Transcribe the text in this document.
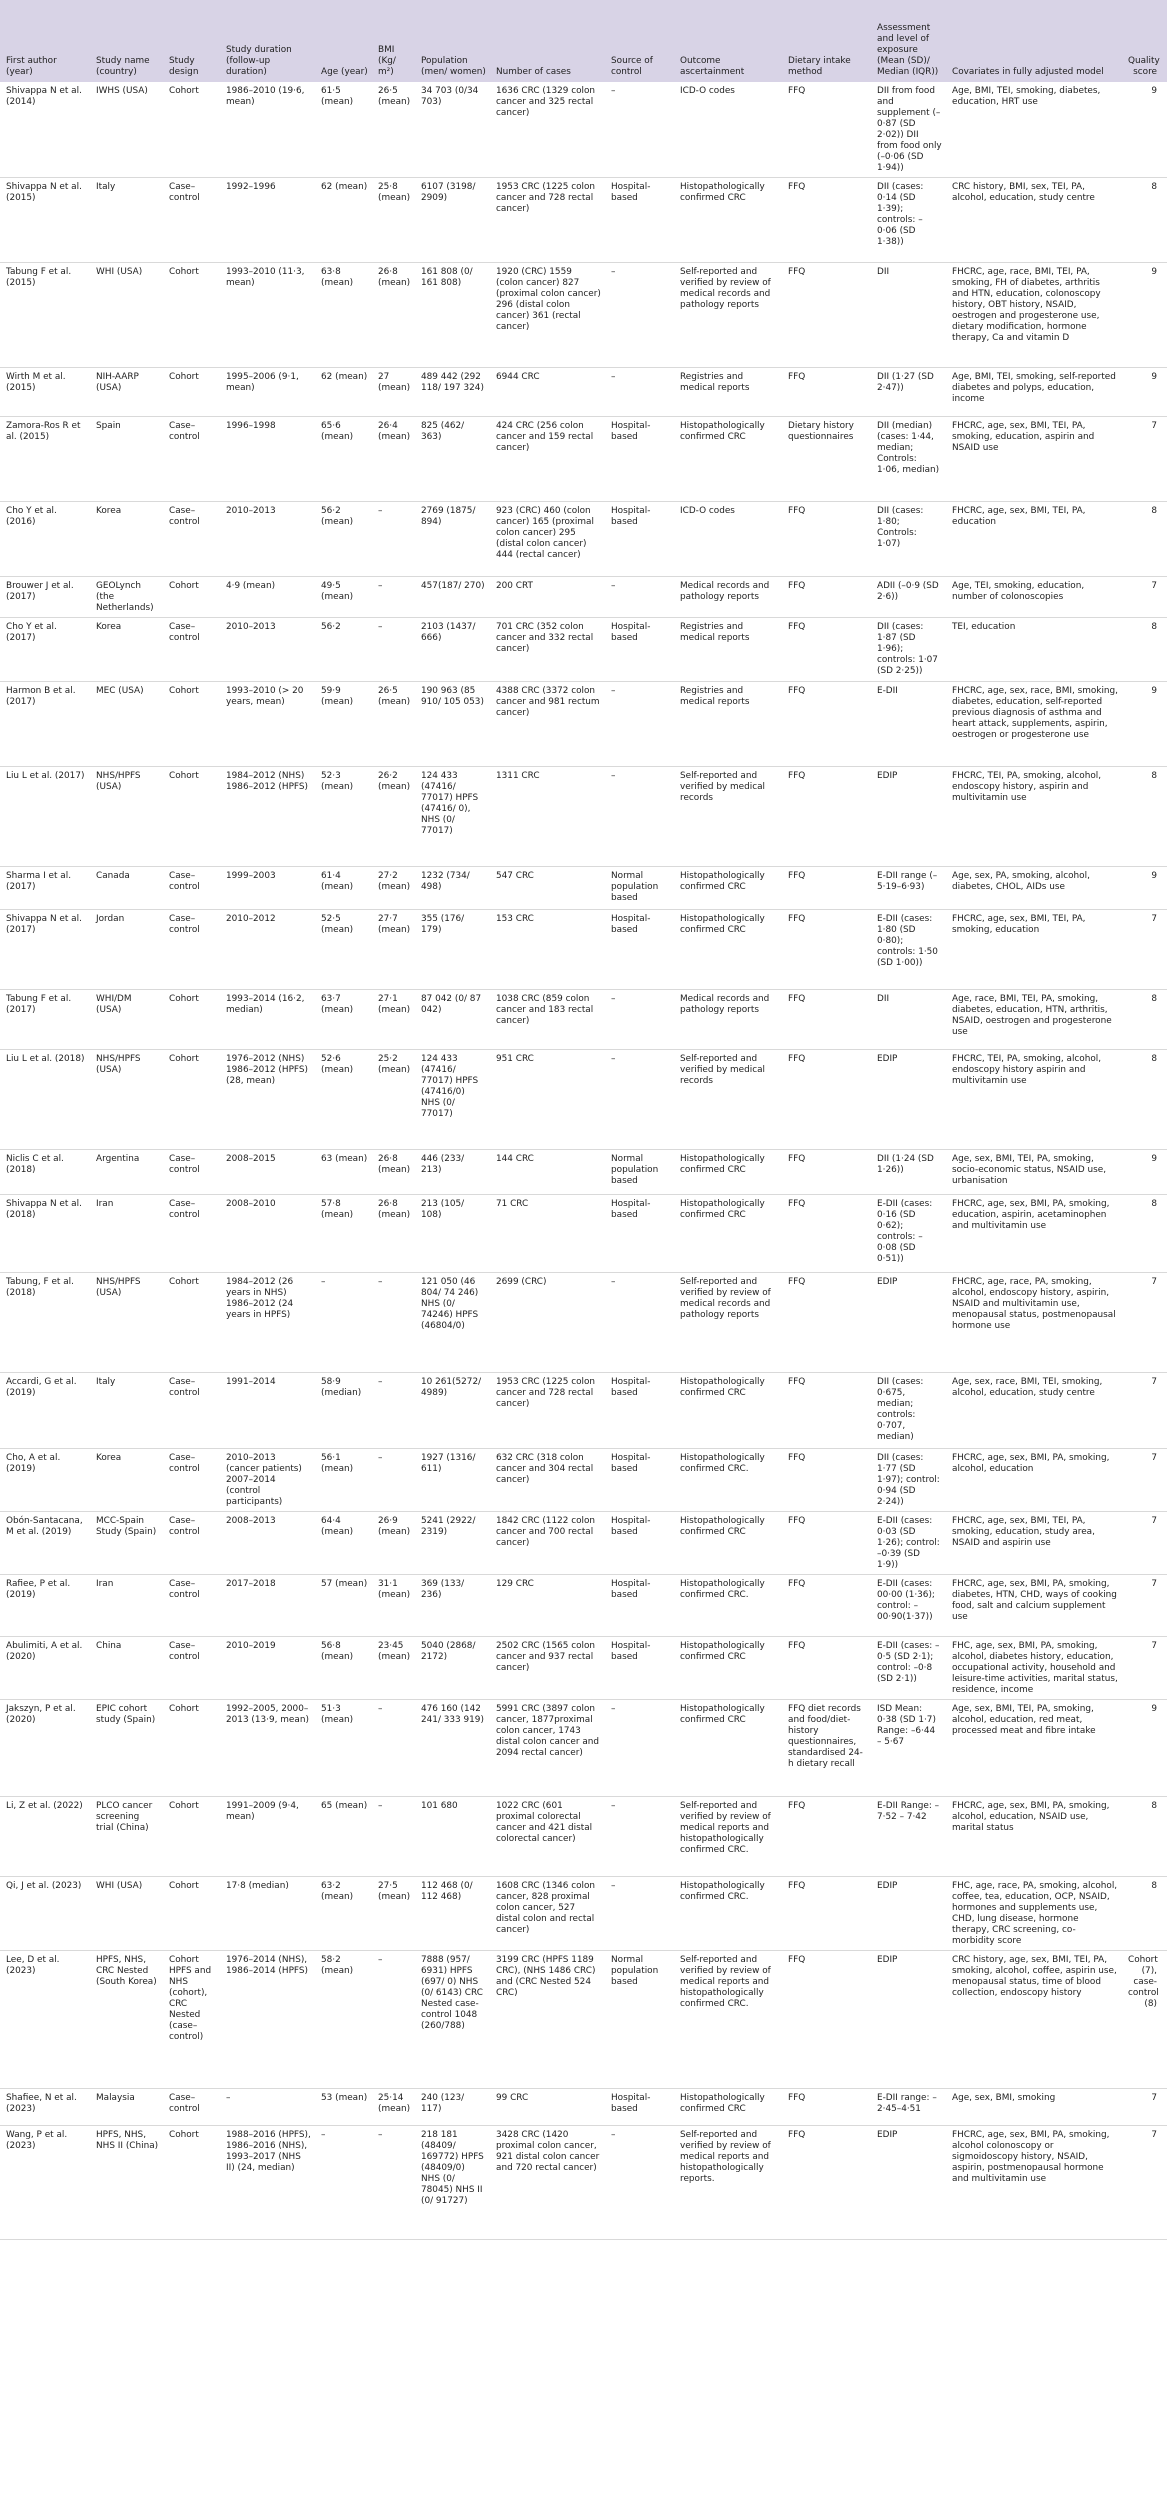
First author (year)	Study name (country)	Study design	Study duration (follow-up duration)	Age (year)	BMI (Kg/ m²)	Population (men/ women)	Number of cases	Source of control	Outcome ascertainment	Dietary intake method	Assessment and level of exposure (Mean (SD)/ Median (IQR))	Covariates in fully adjusted model	Quality score
Shivappa N et al. (2014)	IWHS (USA)	Cohort	1986–2010 (19·6, mean)	61·5 (mean)	26·5 (mean)	34 703 (0/34 703)	1636 CRC (1329 colon cancer and 325 rectal cancer)	–	ICD-O codes	FFQ	DII from food and supplement (–0·87 (SD 2·02)) DII from food only (–0·06 (SD 1·94))	Age, BMI, TEI, smoking, diabetes, education, HRT use	9
Shivappa N et al. (2015)	Italy	Case–control	1992–1996	62 (mean)	25·8 (mean)	6107 (3198/ 2909)	1953 CRC (1225 colon cancer and 728 rectal cancer)	Hospital-based	Histopathologically confirmed CRC	FFQ	DII (cases: 0·14 (SD 1·39); controls: –0·06 (SD 1·38))	CRC history, BMI, sex, TEI, PA, alcohol, education, study centre	8
Tabung F et al. (2015)	WHI (USA)	Cohort	1993–2010 (11·3, mean)	63·8 (mean)	26·8 (mean)	161 808 (0/ 161 808)	1920 (CRC) 1559 (colon cancer) 827 (proximal colon cancer) 296 (distal colon cancer) 361 (rectal cancer)	–	Self-reported and verified by review of medical records and pathology reports	FFQ	DII	FHCRC, age, race, BMI, TEI, PA, smoking, FH of diabetes, arthritis and HTN, education, colonoscopy history, OBT history, NSAID, oestrogen and progesterone use, dietary modification, hormone therapy, Ca and vitamin D	9
Wirth M et al. (2015)	NIH-AARP (USA)	Cohort	1995–2006 (9·1, mean)	62 (mean)	27 (mean)	489 442 (292 118/ 197 324)	6944 CRC	–	Registries and medical reports	FFQ	DII (1·27 (SD 2·47))	Age, BMI, TEI, smoking, self-reported diabetes and polyps, education, income	9
Zamora-Ros R et al. (2015)	Spain	Case–control	1996–1998	65·6 (mean)	26·4 (mean)	825 (462/ 363)	424 CRC (256 colon cancer and 159 rectal cancer)	Hospital-based	Histopathologically confirmed CRC	Dietary history questionnaires	DII (median) (cases: 1·44, median; Controls: 1·06, median)	FHCRC, age, sex, BMI, TEI, PA, smoking, education, aspirin and NSAID use	7
Cho Y et al. (2016)	Korea	Case–control	2010–2013	56·2 (mean)	–	2769 (1875/ 894)	923 (CRC) 460 (colon cancer) 165 (proximal colon cancer) 295 (distal colon cancer) 444 (rectal cancer)	Hospital-based	ICD-O codes	FFQ	DII (cases: 1·80; Controls: 1·07)	FHCRC, age, sex, BMI, TEI, PA, education	8
Brouwer J et al. (2017)	GEOLynch (the Netherlands)	Cohort	4·9 (mean)	49·5 (mean)	–	457(187/ 270)	200 CRT	–	Medical records and pathology reports	FFQ	ADII (–0·9 (SD 2·6))	Age, TEI, smoking, education, number of colonoscopies	7
Cho Y et al. (2017)	Korea	Case–control	2010–2013	56·2	–	2103 (1437/ 666)	701 CRC (352 colon cancer and 332 rectal cancer)	Hospital-based	Registries and medical reports	FFQ	DII (cases: 1·87 (SD 1·96); controls: 1·07 (SD 2·25))	TEI, education	8
Harmon B et al. (2017)	MEC (USA)	Cohort	1993–2010 (> 20 years, mean)	59·9 (mean)	26·5 (mean)	190 963 (85 910/ 105 053)	4388 CRC (3372 colon cancer and 981 rectum cancer)	–	Registries and medical reports	FFQ	E-DII	FHCRC, age, sex, race, BMI, smoking, diabetes, education, self-reported previous diagnosis of asthma and heart attack, supplements, aspirin, oestrogen or progesterone use	9
Liu L et al. (2017)	NHS/HPFS (USA)	Cohort	1984–2012 (NHS) 1986–2012 (HPFS)	52·3 (mean)	26·2 (mean)	124 433 (47416/ 77017) HPFS (47416/ 0), NHS (0/ 77017)	1311 CRC	–	Self-reported and verified by medical records	FFQ	EDIP	FHCRC, TEI, PA, smoking, alcohol, endoscopy history, aspirin and multivitamin use	8
Sharma I et al. (2017)	Canada	Case–control	1999–2003	61·4 (mean)	27·2 (mean)	1232 (734/ 498)	547 CRC	Normal population based	Histopathologically confirmed CRC	FFQ	E-DII range (–5·19–6·93)	Age, sex, PA, smoking, alcohol, diabetes, CHOL, AIDs use	9
Shivappa N et al. (2017)	Jordan	Case–control	2010–2012	52·5 (mean)	27·7 (mean)	355 (176/ 179)	153 CRC	Hospital-based	Histopathologically confirmed CRC	FFQ	E-DII (cases: 1·80 (SD 0·80); controls: 1·50 (SD 1·00))	FHCRC, age, sex, BMI, TEI, PA, smoking, education	7
Tabung F et al. (2017)	WHI/DM (USA)	Cohort	1993–2014 (16·2, median)	63·7 (mean)	27·1 (mean)	87 042 (0/ 87 042)	1038 CRC (859 colon cancer and 183 rectal cancer)	–	Medical records and pathology reports	FFQ	DII	Age, race, BMI, TEI, PA, smoking, diabetes, education, HTN, arthritis, NSAID, oestrogen and progesterone use	8
Liu L et al. (2018)	NHS/HPFS (USA)	Cohort	1976–2012 (NHS) 1986–2012 (HPFS) (28, mean)	52·6 (mean)	25·2 (mean)	124 433 (47416/ 77017) HPFS (47416/0) NHS (0/ 77017)	951 CRC	–	Self-reported and verified by medical records	FFQ	EDIP	FHCRC, TEI, PA, smoking, alcohol, endoscopy history aspirin and multivitamin use	8
Niclis C et al. (2018)	Argentina	Case–control	2008–2015	63 (mean)	26·8 (mean)	446 (233/ 213)	144 CRC	Normal population based	Histopathologically confirmed CRC	FFQ	DII (1·24 (SD 1·26))	Age, sex, BMI, TEI, PA, smoking, socio-economic status, NSAID use, urbanisation	9
Shivappa N et al. (2018)	Iran	Case–control	2008–2010	57·8 (mean)	26·8 (mean)	213 (105/ 108)	71 CRC	Hospital-based	Histopathologically confirmed CRC	FFQ	E-DII (cases: 0·16 (SD 0·62); controls: –0·08 (SD 0·51))	FHCRC, age, sex, BMI, PA, smoking, education, aspirin, acetaminophen and multivitamin use	8
Tabung, F et al. (2018)	NHS/HPFS (USA)	Cohort	1984–2012 (26 years in NHS) 1986–2012 (24 years in HPFS)	–	–	121 050 (46 804/ 74 246) NHS (0/ 74246) HPFS (46804/0)	2699 (CRC)	–	Self-reported and verified by review of medical records and pathology reports	FFQ	EDIP	FHCRC, age, race, PA, smoking, alcohol, endoscopy history, aspirin, NSAID and multivitamin use, menopausal status, postmenopausal hormone use	7
Accardi, G et al. (2019)	Italy	Case–control	1991–2014	58·9 (median)	–	10 261(5272/ 4989)	1953 CRC (1225 colon cancer and 728 rectal cancer)	Hospital-based	Histopathologically confirmed CRC	FFQ	DII (cases: 0·675, median; controls: 0·707, median)	Age, sex, race, BMI, TEI, smoking, alcohol, education, study centre	7
Cho, A et al. (2019)	Korea	Case–control	2010–2013 (cancer patients) 2007–2014 (control participants)	56·1 (mean)	–	1927 (1316/ 611)	632 CRC (318 colon cancer and 304 rectal cancer)	Hospital-based	Histopathologically confirmed CRC.	FFQ	DII (cases: 1·77 (SD 1·97); control: 0·94 (SD 2·24))	FHCRC, age, sex, BMI, PA, smoking, alcohol, education	7
Obón-Santacana, M et al. (2019)	MCC-Spain Study (Spain)	Case–control	2008–2013	64·4 (mean)	26·9 (mean)	5241 (2922/ 2319)	1842 CRC (1122 colon cancer and 700 rectal cancer)	Hospital-based	Histopathologically confirmed CRC	FFQ	E-DII (cases: 0·03 (SD 1·26); control: –0·39 (SD 1·9))	FHCRC, age, sex, BMI, TEI, PA, smoking, education, study area, NSAID and aspirin use	7
Rafiee, P et al. (2019)	Iran	Case–control	2017–2018	57 (mean)	31·1 (mean)	369 (133/ 236)	129 CRC	Hospital-based	Histopathologically confirmed CRC.	FFQ	E-DII (cases: 00·00 (1·36); control: –00·90(1·37))	FHCRC, age, sex, BMI, PA, smoking, diabetes, HTN, CHD, ways of cooking food, salt and calcium supplement use	7
Abulimiti, A et al. (2020)	China	Case–control	2010–2019	56·8 (mean)	23·45 (mean)	5040 (2868/ 2172)	2502 CRC (1565 colon cancer and 937 rectal cancer)	Hospital-based	Histopathologically confirmed CRC	FFQ	E-DII (cases: –0·5 (SD 2·1); control: –0·8 (SD 2·1))	FHC, age, sex, BMI, PA, smoking, alcohol, diabetes history, education, occupational activity, household and leisure-time activities, marital status, residence, income	7
Jakszyn, P et al. (2020)	EPIC cohort study (Spain)	Cohort	1992–2005, 2000–2013 (13·9, mean)	51·3 (mean)	–	476 160 (142 241/ 333 919)	5991 CRC (3897 colon cancer, 1877proximal colon cancer, 1743 distal colon cancer and 2094 rectal cancer)	–	Histopathologically confirmed CRC	FFQ diet records and food/diet-history questionnaires, standardised 24-h dietary recall	ISD Mean: 0·38 (SD 1·7) Range: –6·44 – 5·67	Age, sex, BMI, TEI, PA, smoking, alcohol, education, red meat, processed meat and fibre intake	9
Li, Z et al. (2022)	PLCO cancer screening trial (China)	Cohort	1991–2009 (9·4, mean)	65 (mean)	–	101 680	1022 CRC (601 proximal colorectal cancer and 421 distal colorectal cancer)	–	Self-reported and verified by review of medical reports and histopathologically confirmed CRC.	FFQ	E-DII Range: – 7·52 – 7·42	FHCRC, age, sex, BMI, PA, smoking, alcohol, education, NSAID use, marital status	8
Qi, J et al. (2023)	WHI (USA)	Cohort	17·8 (median)	63·2 (mean)	27·5 (mean)	112 468 (0/ 112 468)	1608 CRC (1346 colon cancer, 828 proximal colon cancer, 527 distal colon and rectal cancer)	–	Histopathologically confirmed CRC.	FFQ	EDIP	FHC, age, race, PA, smoking, alcohol, coffee, tea, education, OCP, NSAID, hormones and supplements use, CHD, lung disease, hormone therapy, CRC screening, co-morbidity score	8
Lee, D et al. (2023)	HPFS, NHS, CRC Nested (South Korea)	Cohort HPFS and NHS (cohort), CRC Nested (case–control)	1976–2014 (NHS), 1986–2014 (HPFS)	58·2 (mean)	–	7888 (957/ 6931) HPFS (697/ 0) NHS (0/ 6143) CRC Nested case-control 1048 (260/788)	3199 CRC (HPFS 1189 CRC), (NHS 1486 CRC) and (CRC Nested 524 CRC)	Normal population based	Self-reported and verified by review of medical reports and histopathologically confirmed CRC.	FFQ	EDIP	CRC history, age, sex, BMI, TEI, PA, smoking, alcohol, coffee, aspirin use, menopausal status, time of blood collection, endoscopy history	Cohort (7), case-control (8)
Shafiee, N et al. (2023)	Malaysia	Case–control	–	53 (mean)	25·14 (mean)	240 (123/ 117)	99 CRC	Hospital-based	Histopathologically confirmed CRC	FFQ	E-DII range: –2·45–4·51	Age, sex, BMI, smoking	7
Wang, P et al. (2023)	HPFS, NHS, NHS II (China)	Cohort	1988–2016 (HPFS), 1986–2016 (NHS), 1993–2017 (NHS II) (24, median)	–	–	218 181 (48409/ 169772) HPFS (48409/0) NHS (0/ 78045) NHS II (0/ 91727)	3428 CRC (1420 proximal colon cancer, 921 distal colon cancer and 720 rectal cancer)	–	Self-reported and verified by review of medical reports and histopathologically reports.	FFQ	EDIP	FHCRC, age, sex, BMI, PA, smoking, alcohol colonoscopy or sigmoidoscopy history, NSAID, aspirin, postmenopausal hormone and multivitamin use	7
